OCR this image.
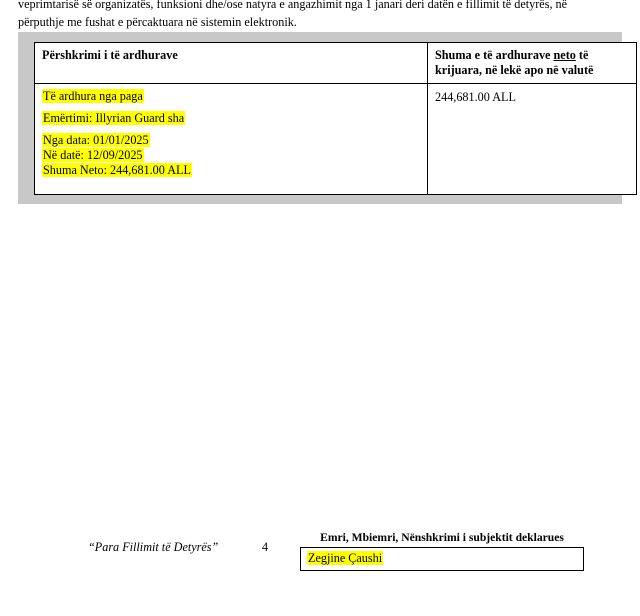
veprimtarisë së organizatës, funksioni dhe/ose natyra e angazhimit nga 1 janari deri datën e fillimit të detyrës, në
përputhje me fushat e përcaktuara në sistemin elektronik.
Përshkrimi i të ardhurave	Shuma e të ardhurave neto të
krijuara, në lekë apo në valutë
Të ardhura nga paga
Emërtimi: Illyrian Guard sha
Nga data: 01/01/2025
Në datë: 12/09/2025
Shuma Neto: 244,681.00 ALL	244,681.00 ALL
“Para Fillimit të Detyrës”	4
Emri, Mbiemri, Nënshkrimi i subjektit deklarues
Zegjine Çaushi
